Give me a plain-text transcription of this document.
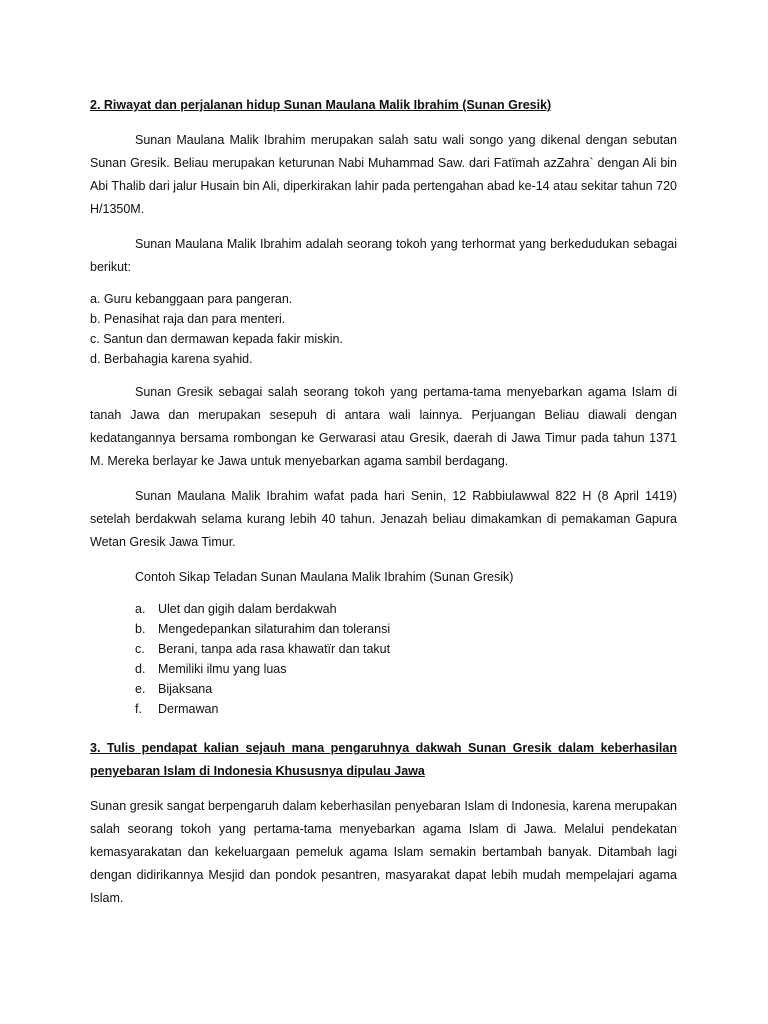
2. Riwayat dan perjalanan hidup Sunan Maulana Malik Ibrahim (Sunan Gresik)

Sunan Maulana Malik Ibrahim merupakan salah satu wali songo yang dikenal dengan sebutan Sunan Gresik. Beliau merupakan keturunan Nabi Muhammad Saw. dari Fatïmah azZahra` dengan Ali bin Abi Thalib dari jalur Husain bin Ali, diperkirakan lahir pada pertengahan abad ke-14 atau sekitar tahun 720 H/1350M.

Sunan Maulana Malik Ibrahim adalah seorang tokoh yang terhormat yang berkedudukan sebagai berikut:

a. Guru kebanggaan para pangeran.
b. Penasihat raja dan para menteri.
c. Santun dan dermawan kepada fakir miskin.
d. Berbahagia karena syahid.

Sunan Gresik sebagai salah seorang tokoh yang pertama-tama menyebarkan agama Islam di tanah Jawa dan merupakan sesepuh di antara wali lainnya. Perjuangan Beliau diawali dengan kedatangannya bersama rombongan ke Gerwarasi atau Gresik, daerah di Jawa Timur pada tahun 1371 M. Mereka berlayar ke Jawa untuk menyebarkan agama sambil berdagang.

Sunan Maulana Malik Ibrahim wafat pada hari Senin, 12 Rabbiulawwal 822 H (8 April 1419) setelah berdakwah selama kurang lebih 40 tahun. Jenazah beliau dimakamkan di pemakaman Gapura Wetan Gresik Jawa Timur.

Contoh Sikap Teladan Sunan Maulana Malik Ibrahim (Sunan Gresik)

a.	Ulet dan gigih dalam berdakwah
b.	Mengedepankan silaturahim dan toleransi
c.	Berani, tanpa ada rasa khawatïr dan takut
d.	Memiliki ilmu yang luas
e.	Bijaksana
f.	Dermawan

3. Tulis pendapat kalian sejauh mana pengaruhnya dakwah Sunan Gresik dalam keberhasilan penyebaran Islam di Indonesia Khususnya dipulau Jawa

Sunan gresik sangat berpengaruh dalam keberhasilan penyebaran Islam di Indonesia, karena merupakan salah seorang tokoh yang pertama-tama menyebarkan agama Islam di Jawa. Melalui pendekatan kemasyarakatan dan kekeluargaan pemeluk agama Islam semakin bertambah banyak. Ditambah lagi dengan didirikannya Mesjid dan pondok pesantren, masyarakat dapat lebih mudah mempelajari agama Islam.
